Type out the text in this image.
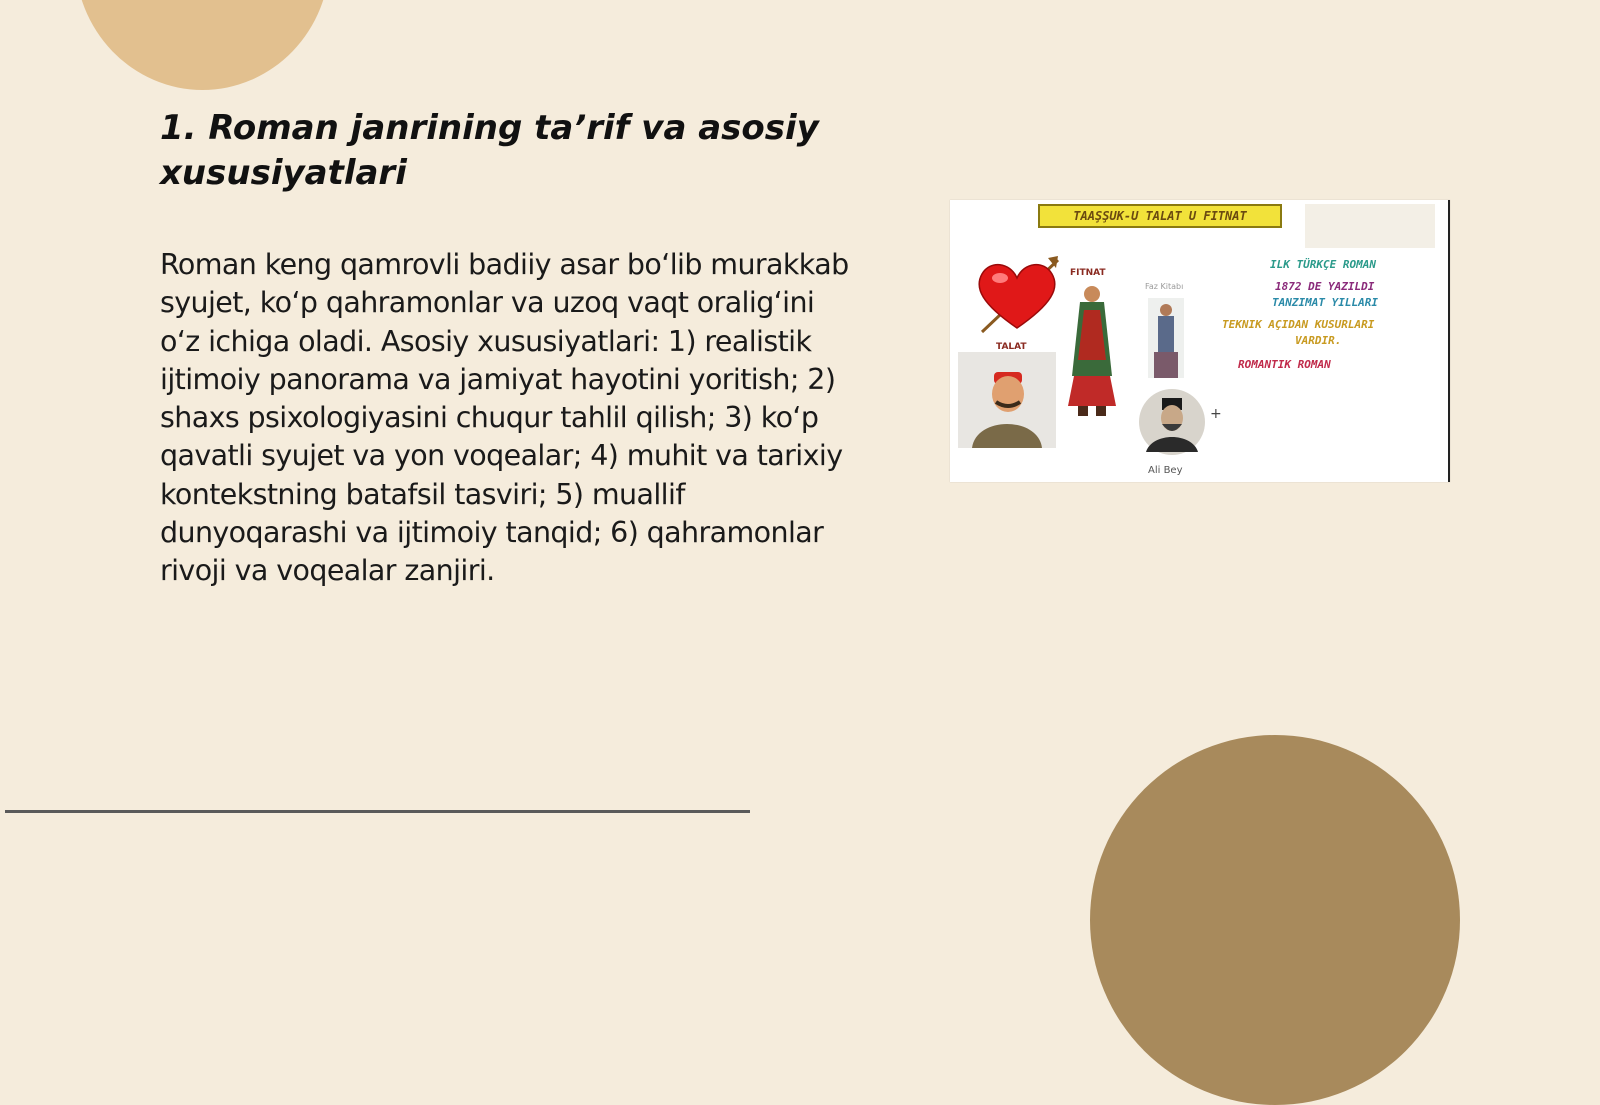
1. Roman janrining ta’rif va asosiy xususiyatlari

Roman keng qamrovli badiiy asar bo‘lib murakkab syujet, ko‘p qahramonlar va uzoq vaqt oralig‘ini o‘z ichiga oladi. Asosiy xususiyatlari: 1) realistik ijtimoiy panorama va jamiyat hayotini yoritish; 2) shaxs psixologiyasini chuqur tahlil qilish; 3) ko‘p qavatli syujet va yon voqealar; 4) muhit va tarixiy kontekstning batafsil tasviri; 5) muallif dunyoqarashi va ijtimoiy tanqid; 6) qahramonlar rivoji va voqealar zanjiri.

TAAŞŞUK-U TALAT U FITNAT
FITNAT
Faz Kitabı
TALAT
Ali Bey
+
ILK TÜRKÇE ROMAN
1872 DE YAZILDI
TANZIMAT YILLARI
TEKNIK AÇIDAN KUSURLARI
VARDIR.
ROMANTIK ROMAN
